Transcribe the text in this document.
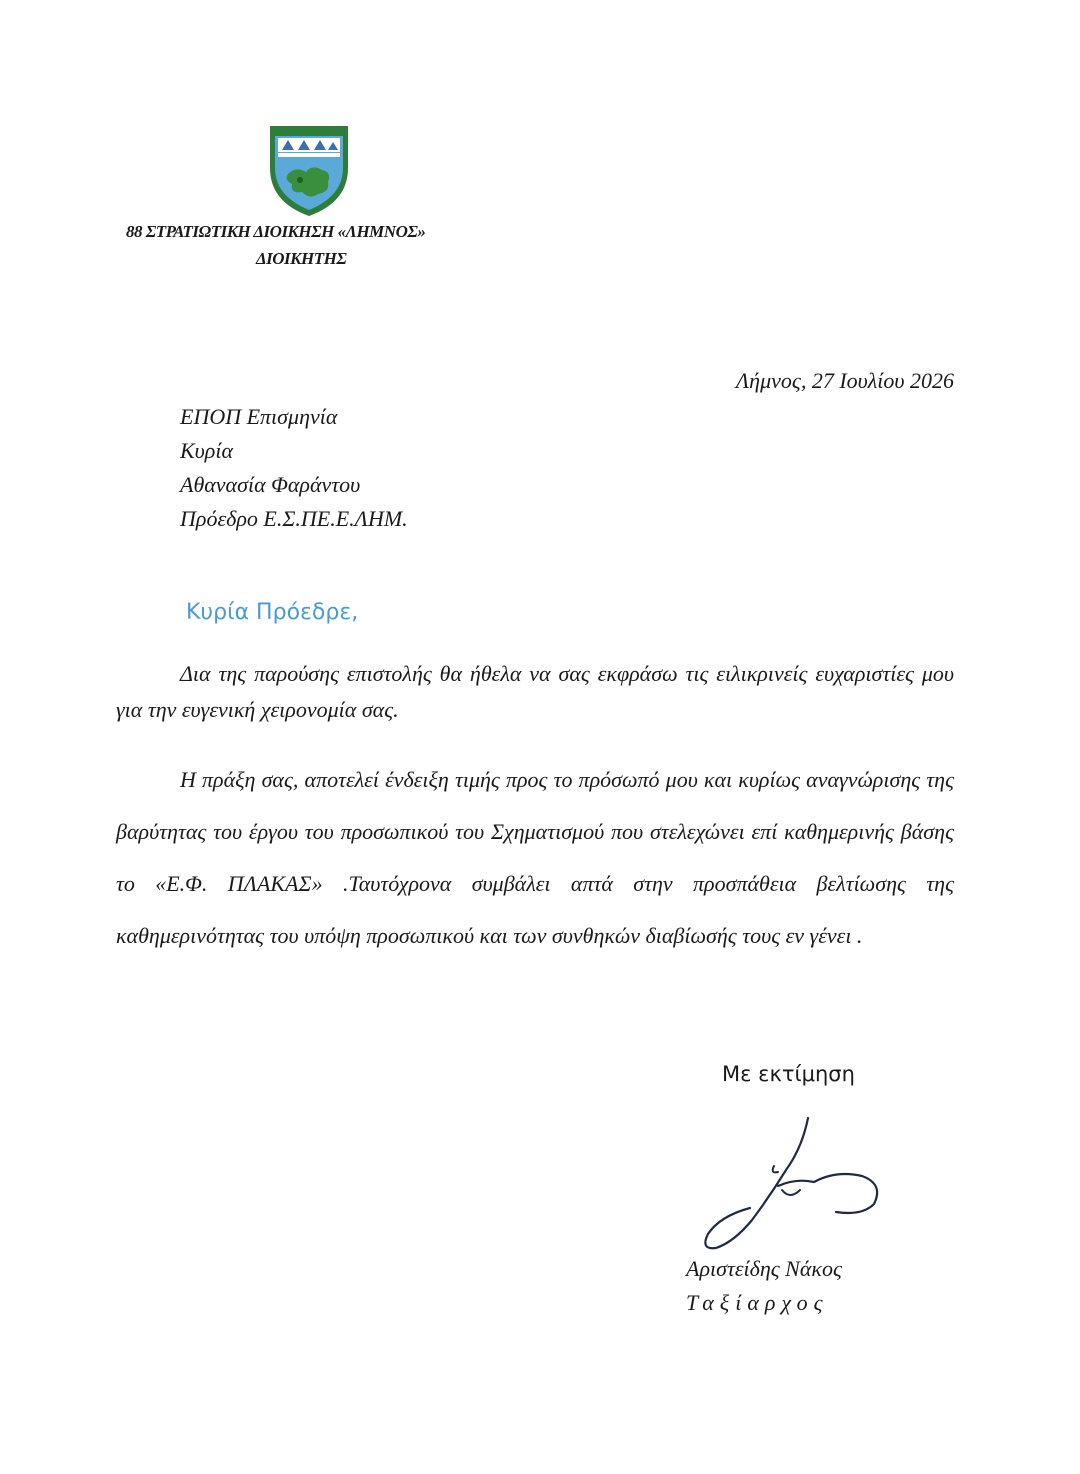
88 ΣΤΡΑΤΙΩΤΙΚΗ ΔΙΟΙΚΗΣΗ «ΛΗΜΝΟΣ»
ΔΙΟΙΚΗΤΗΣ
Λήμνος, 27 Ιουλίου 2026
ΕΠΟΠ Επισμηνία
Κυρία
Αθανασία Φαράντου
Πρόεδρο Ε.Σ.ΠΕ.Ε.ΛΗΜ.
Κυρία Πρόεδρε,

Δια της παρούσης επιστολής θα ήθελα να σας εκφράσω τις ειλικρινείς ευχαριστίες μου για την ευγενική χειρονομία σας.

Η πράξη σας, αποτελεί ένδειξη τιμής προς το πρόσωπό μου και κυρίως αναγνώρισης της βαρύτητας του έργου του προσωπικού του Σχηματισμού που στελεχώνει επί καθημερινής βάσης το «Ε.Φ. ΠΛΑΚΑΣ» .Ταυτόχρονα συμβάλει απτά στην προσπάθεια βελτίωσης της καθημερινότητας του υπόψη προσωπικού και των συνθηκών διαβίωσής τους εν γένει .

Με εκτίμηση
Αριστείδης Νάκος
Ταξίαρχος
